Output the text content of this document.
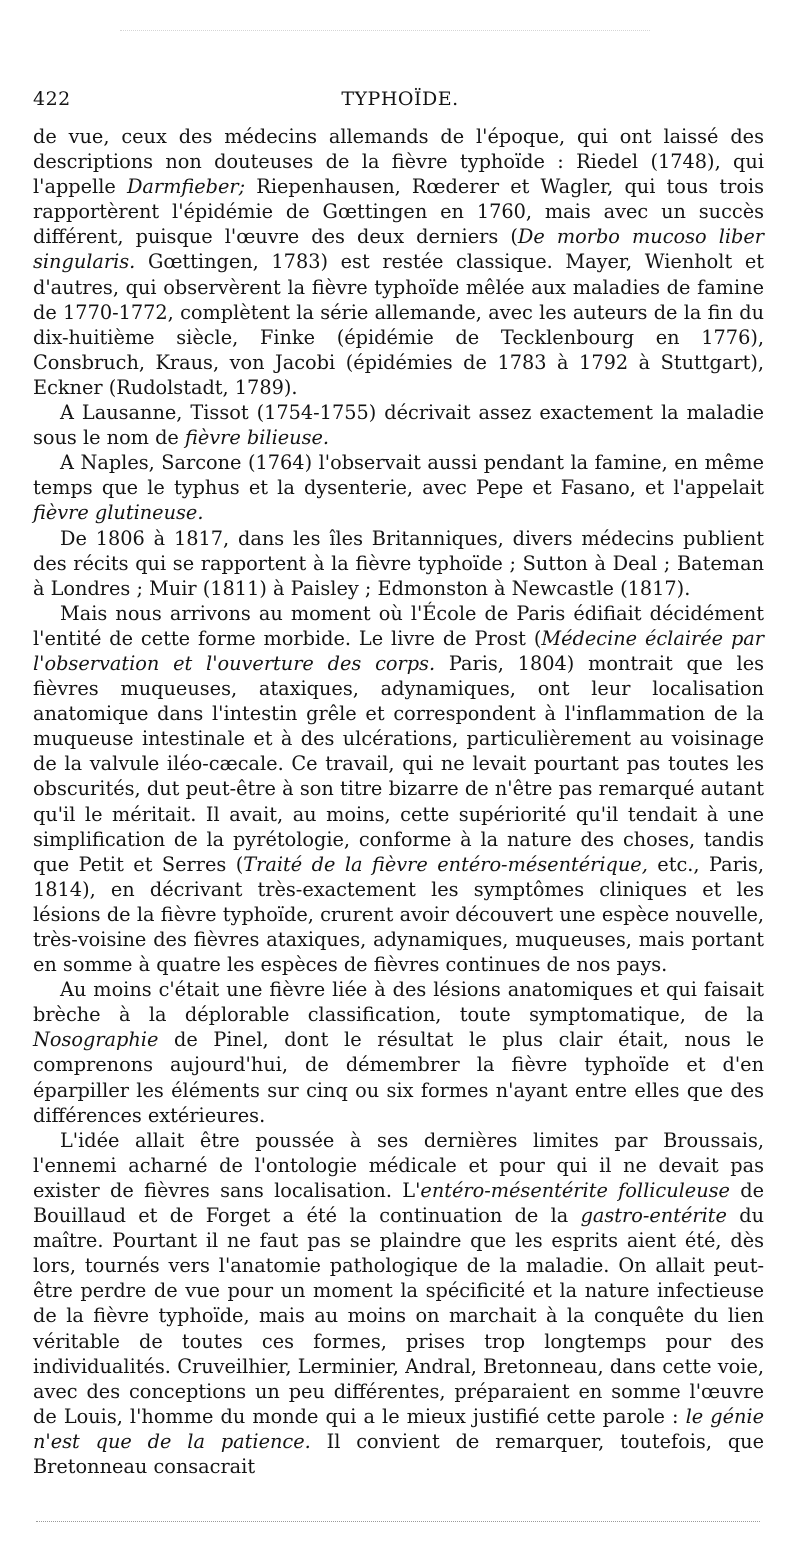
422	TYPHOÏDE.

de vue, ceux des médecins allemands de l'époque, qui ont laissé des descriptions non douteuses de la fièvre typhoïde : Riedel (1748), qui l'appelle Darmfieber; Riepenhausen, Rœderer et Wagler, qui tous trois rapportèrent l'épidémie de Gœttingen en 1760, mais avec un succès différent, puisque l'œuvre des deux derniers (De morbo mucoso liber singularis. Gœttingen, 1783) est restée classique. Mayer, Wienholt et d'autres, qui observèrent la fièvre typhoïde mêlée aux maladies de famine de 1770-1772, complètent la série allemande, avec les auteurs de la fin du dix-huitième siècle, Finke (épidémie de Tecklenbourg en 1776), Consbruch, Kraus, von Jacobi (épidémies de 1783 à 1792 à Stuttgart), Eckner (Rudolstadt, 1789).

A Lausanne, Tissot (1754-1755) décrivait assez exactement la maladie sous le nom de fièvre bilieuse.

A Naples, Sarcone (1764) l'observait aussi pendant la famine, en même temps que le typhus et la dysenterie, avec Pepe et Fasano, et l'appelait fièvre glutineuse.

De 1806 à 1817, dans les îles Britanniques, divers médecins publient des récits qui se rapportent à la fièvre typhoïde ; Sutton à Deal ; Bateman à Londres ; Muir (1811) à Paisley ; Edmonston à Newcastle (1817).

Mais nous arrivons au moment où l'École de Paris édifiait décidément l'entité de cette forme morbide. Le livre de Prost (Médecine éclairée par l'observation et l'ouverture des corps. Paris, 1804) montrait que les fièvres muqueuses, ataxiques, adynamiques, ont leur localisation anatomique dans l'intestin grêle et correspondent à l'inflammation de la muqueuse intestinale et à des ulcérations, particulièrement au voisinage de la valvule iléo-cæcale. Ce travail, qui ne levait pourtant pas toutes les obscurités, dut peut-être à son titre bizarre de n'être pas remarqué autant qu'il le méritait. Il avait, au moins, cette supériorité qu'il tendait à une simplification de la pyrétologie, conforme à la nature des choses, tandis que Petit et Serres (Traité de la fièvre entéro-mésentérique, etc., Paris, 1814), en décrivant très-exactement les symptômes cliniques et les lésions de la fièvre typhoïde, crurent avoir découvert une espèce nouvelle, très-voisine des fièvres ataxiques, adynamiques, muqueuses, mais portant en somme à quatre les espèces de fièvres continues de nos pays.

Au moins c'était une fièvre liée à des lésions anatomiques et qui faisait brèche à la déplorable classification, toute symptomatique, de la Nosographie de Pinel, dont le résultat le plus clair était, nous le comprenons aujourd'hui, de démembrer la fièvre typhoïde et d'en éparpiller les éléments sur cinq ou six formes n'ayant entre elles que des différences extérieures.

L'idée allait être poussée à ses dernières limites par Broussais, l'ennemi acharné de l'ontologie médicale et pour qui il ne devait pas exister de fièvres sans localisation. L'entéro-mésentérite folliculeuse de Bouillaud et de Forget a été la continuation de la gastro-entérite du maître. Pourtant il ne faut pas se plaindre que les esprits aient été, dès lors, tournés vers l'anatomie pathologique de la maladie. On allait peut-être perdre de vue pour un moment la spécificité et la nature infectieuse de la fièvre typhoïde, mais au moins on marchait à la conquête du lien véritable de toutes ces formes, prises trop longtemps pour des individualités. Cruveilhier, Lerminier, Andral, Bretonneau, dans cette voie, avec des conceptions un peu différentes, préparaient en somme l'œuvre de Louis, l'homme du monde qui a le mieux justifié cette parole : le génie n'est que de la patience. Il convient de remarquer, toutefois, que Bretonneau consacrait
